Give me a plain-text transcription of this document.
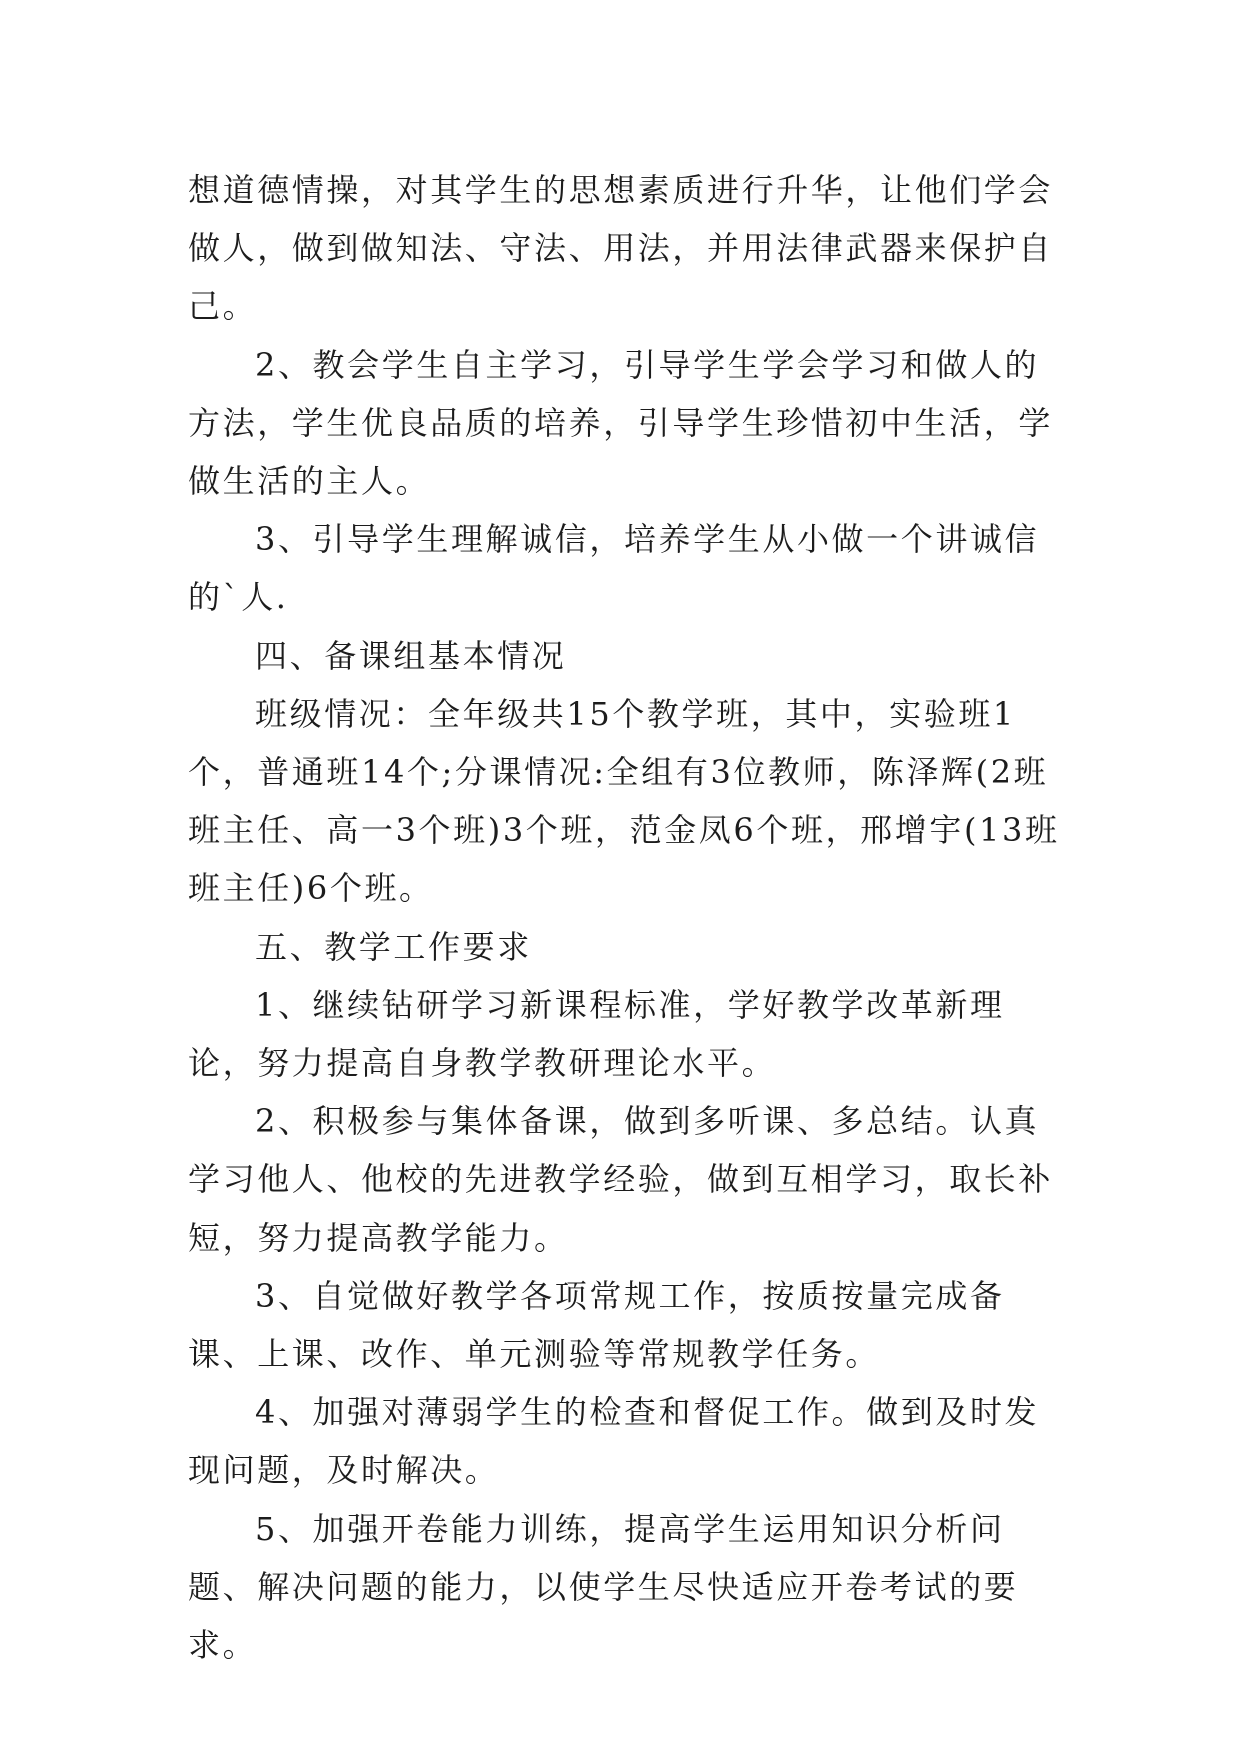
想道德情操，对其学生的思想素质进行升华，让他们学会做人，做到做知法、守法、用法，并用法律武器来保护自己。

2、教会学生自主学习，引导学生学会学习和做人的方法，学生优良品质的培养，引导学生珍惜初中生活，学做生活的主人。

3、引导学生理解诚信，培养学生从小做一个讲诚信的`人.

四、备课组基本情况

班级情况：全年级共15个教学班，其中，实验班1个，普通班14个;分课情况:全组有3位教师，陈泽辉(2班班主任、高一3个班)3个班，范金凤6个班，邢增宇(13班班主任)6个班。

五、教学工作要求

1、继续钻研学习新课程标准，学好教学改革新理论，努力提高自身教学教研理论水平。

2、积极参与集体备课，做到多听课、多总结。认真学习他人、他校的先进教学经验，做到互相学习，取长补短，努力提高教学能力。

3、自觉做好教学各项常规工作，按质按量完成备课、上课、改作、单元测验等常规教学任务。

4、加强对薄弱学生的检查和督促工作。做到及时发现问题，及时解决。

5、加强开卷能力训练，提高学生运用知识分析问题、解决问题的能力，以使学生尽快适应开卷考试的要求。
